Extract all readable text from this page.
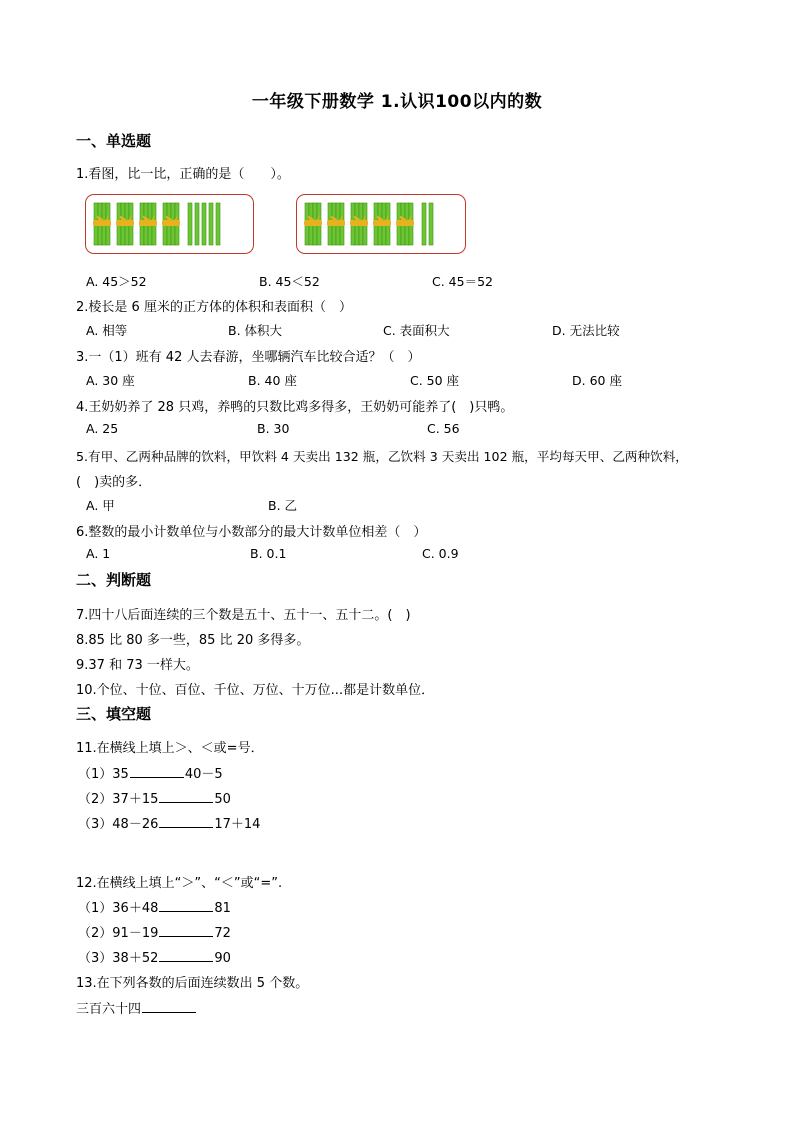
一年级下册数学 1.认识100以内的数
一、单选题
1.看图，比一比，正确的是（　　）。
A. 45＞52	B. 45＜52	C. 45＝52
2.棱长是 6 厘米的正方体的体积和表面积（　）
A. 相等	B. 体积大	C. 表面积大	D. 无法比较
3.一（1）班有 42 人去春游，坐哪辆汽车比较合适？（　）
A. 30 座	B. 40 座	C. 50 座	D. 60 座
4.王奶奶养了 28 只鸡，养鸭的只数比鸡多得多，王奶奶可能养了(　)只鸭。
A. 25	B. 30	C. 56
5.有甲、乙两种品牌的饮料，甲饮料 4 天卖出 132 瓶，乙饮料 3 天卖出 102 瓶，平均每天甲、乙两种饮料，
(　)卖的多．
A. 甲	B. 乙
6.整数的最小计数单位与小数部分的最大计数单位相差（　）
A. 1	B. 0.1	C. 0.9
二、判断题
7.四十八后面连续的三个数是五十、五十一、五十二。(　)
8.85 比 80 多一些，85 比 20 多得多。
9.37 和 73 一样大。
10.个位、十位、百位、千位、万位、十万位...都是计数单位．
三、填空题
11.在横线上填上＞、＜或=号．
（1）35	40－5
（2）37＋15	50
（3）48－26	17＋14
12.在横线上填上“＞”、“＜”或“=”.
（1）36＋48	81
（2）91－19	72
（3）38＋52	90
13.在下列各数的后面连续数出 5 个数。
三百六十四
